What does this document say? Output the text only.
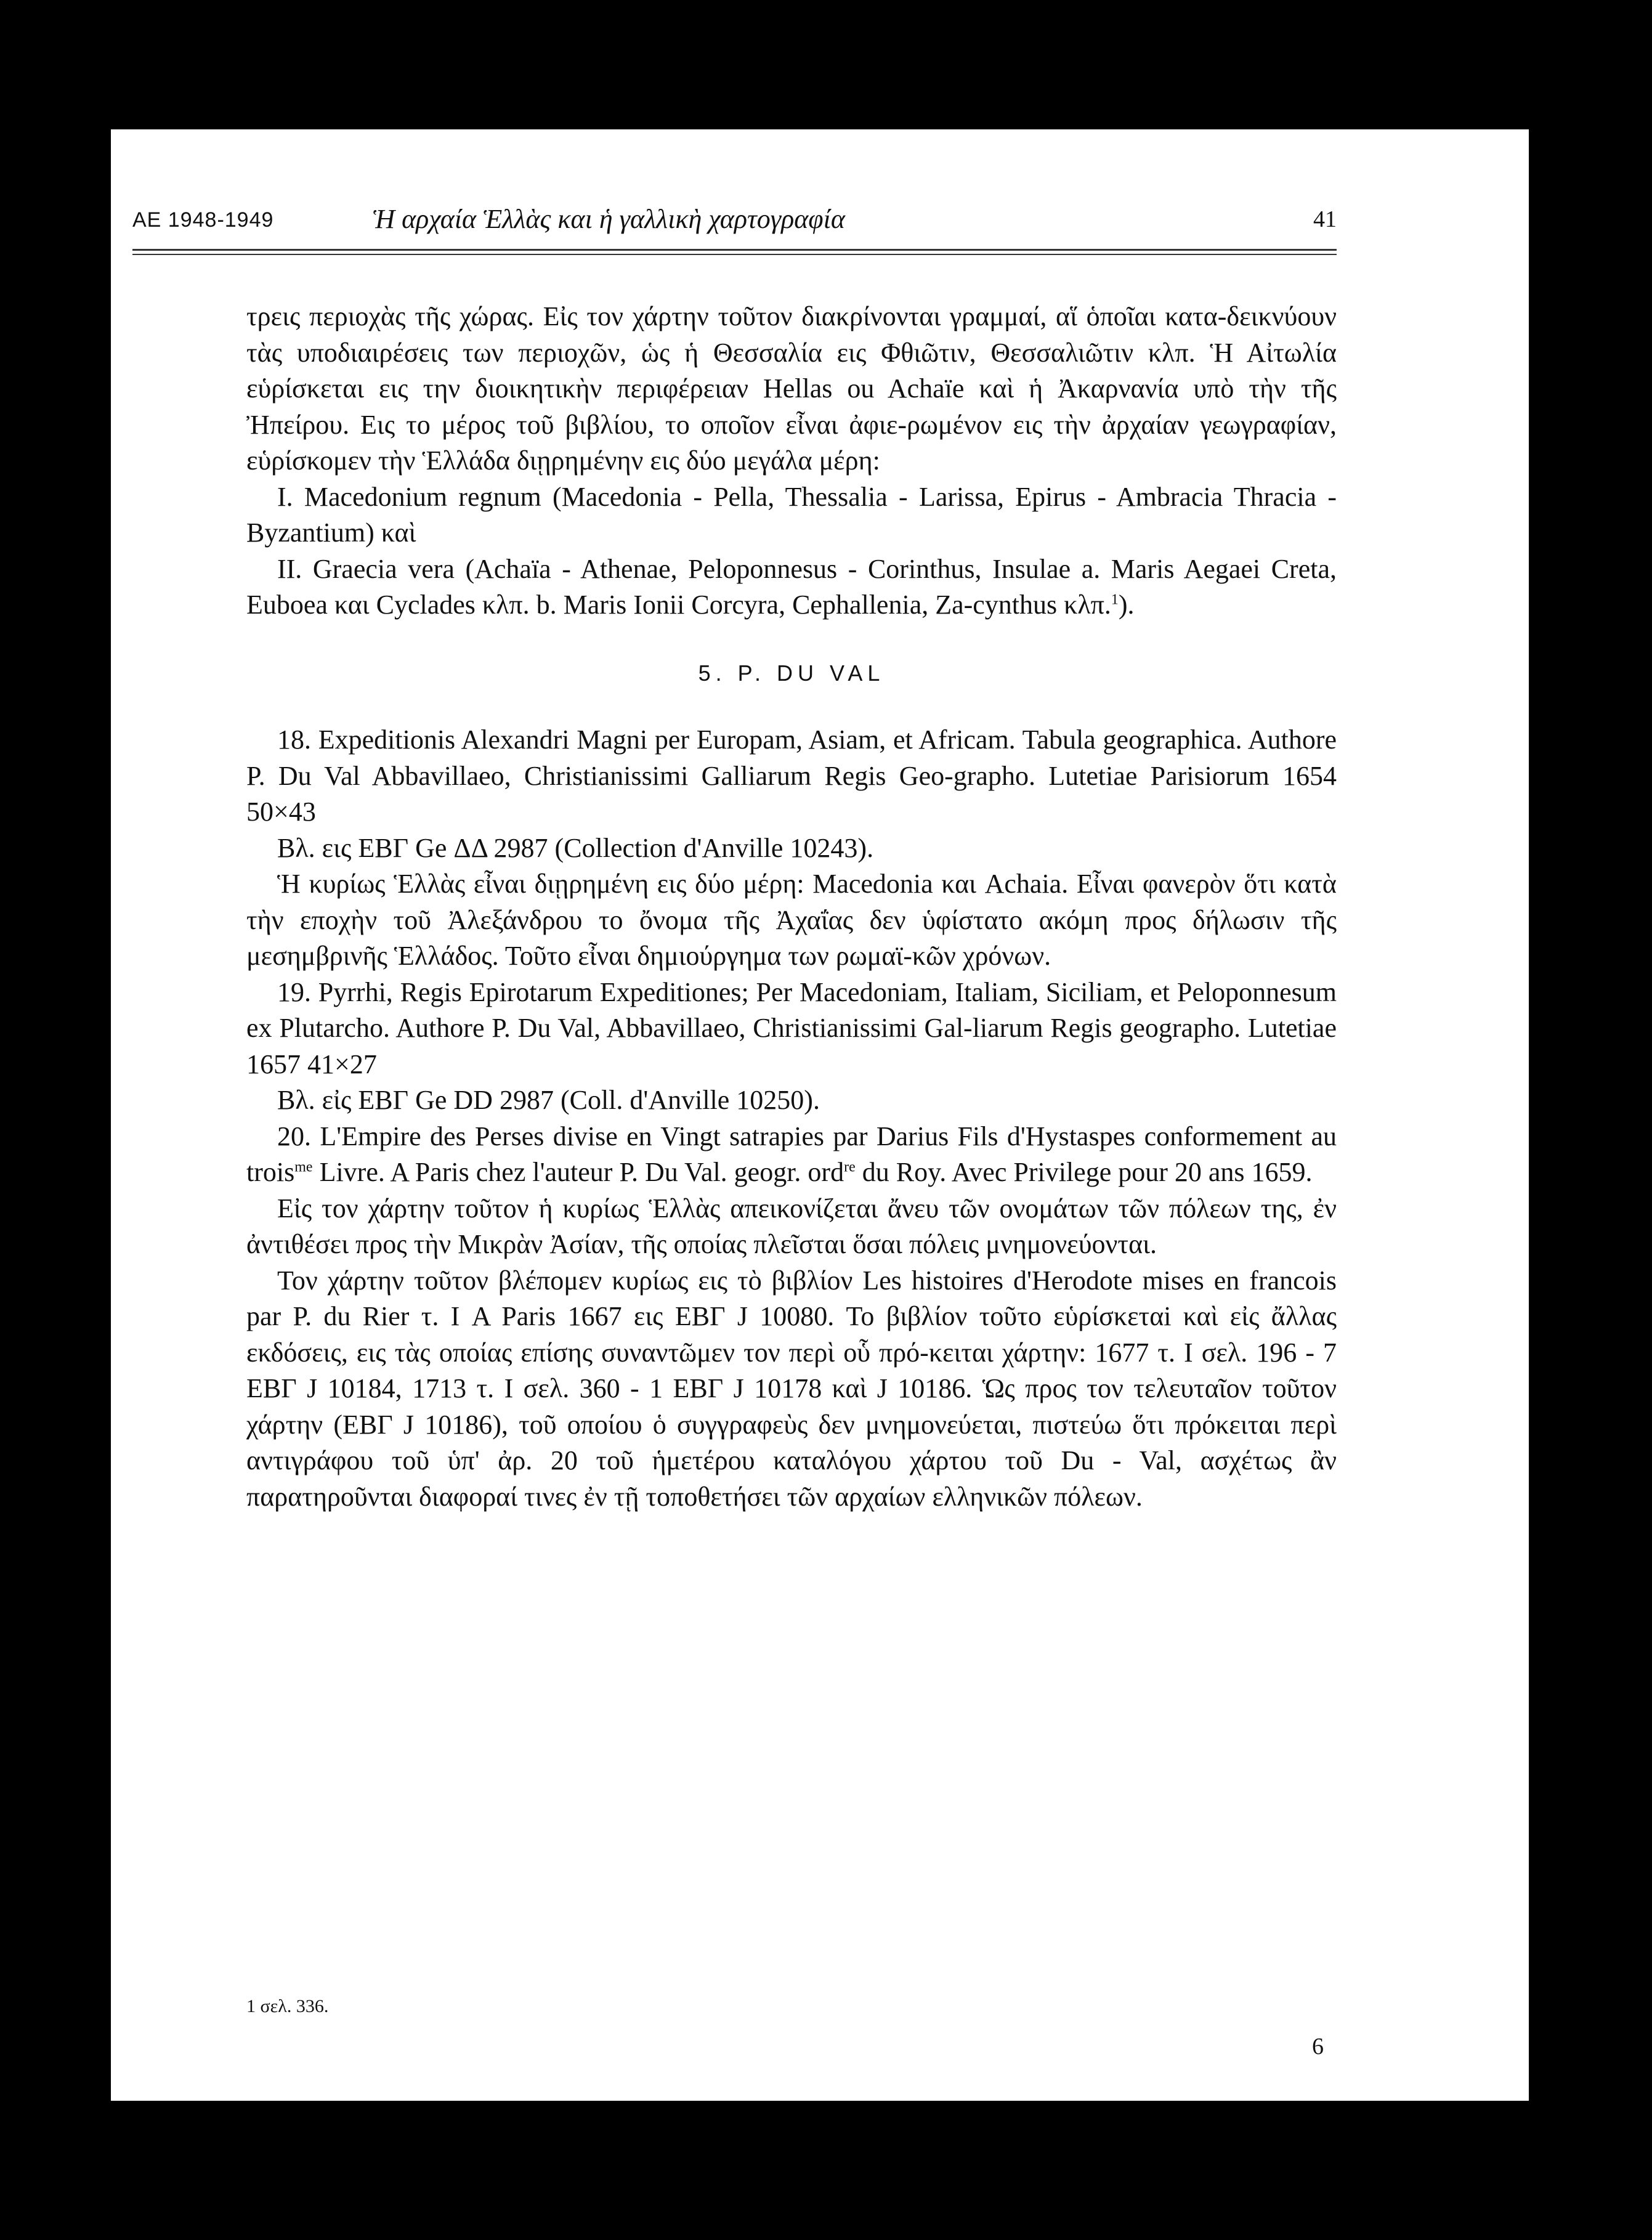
ΑΕ 1948-1949	Ἡ αρχαία Ἑλλὰς και ἡ γαλλικὴ χαρτογραφία	41

τρεις περιοχὰς τῆς χώρας. Εἰς τον χάρτην τοῦτον διακρίνονται γραμμαί, αἵ ὁποῖαι κατα-δεικνύουν τὰς υποδιαιρέσεις των περιοχῶν, ὡς ἡ Θεσσαλία εις Φθιῶτιν, Θεσσαλιῶτιν κλπ. Ἡ Αἰτωλία εὑρίσκεται εις την διοικητικὴν περιφέρειαν Hellas ou Achaïe καὶ ἡ Ἀκαρνανία υπὸ τὴν τῆς Ἠπείρου. Εις το μέρος τοῦ βιβλίου, το οποῖον εἶναι ἀφιε-ρωμένον εις τὴν ἀρχαίαν γεωγραφίαν, εὑρίσκομεν τὴν Ἑλλάδα διῃρημένην εις δύο μεγάλα μέρη:

I. Macedonium regnum (Macedonia - Pella, Thessalia - Larissa, Epirus - Ambracia Thracia - Byzantium) καὶ

II. Graecia vera (Achaïa - Athenae, Peloponnesus - Corinthus, Insulae a. Maris Aegaei Creta, Euboea και Cyclades κλπ. b. Maris Ionii Corcyra, Cephallenia, Za-cynthus κλπ.$^1$).

5. P. DU VAL

18. Expeditionis Alexandri Magni per Europam, Asiam, et Africam. Tabula geographica. Authore P. Du Val Abbavillaeo, Christianissimi Galliarum Regis Geo-grapho. Lutetiae Parisiorum 1654 50×43

Βλ. εις ΕΒΓ Ge ΔΔ 2987 (Collection d'Anville 10243).

Ἡ κυρίως Ἑλλὰς εἶναι διῃρημένη εις δύο μέρη: Macedonia και Achaia. Εἶναι φανερὸν ὅτι κατὰ τὴν εποχὴν τοῦ Ἀλεξάνδρου το ὄνομα τῆς Ἀχαΐας δεν ὑφίστατο ακόμη προς δήλωσιν τῆς μεσημβρινῆς Ἑλλάδος. Τοῦτο εἶναι δημιούργημα των ρωμαϊ-κῶν χρόνων.

19. Pyrrhi, Regis Epirotarum Expeditiones; Per Macedoniam, Italiam, Siciliam, et Peloponnesum ex Plutarcho. Authore P. Du Val, Abbavillaeo, Christianissimi Gal-liarum Regis geographo. Lutetiae 1657 41×27

Βλ. εἰς ΕΒΓ Ge DD 2987 (Coll. d'Anville 10250).

20. L'Empire des Perses divise en Vingt satrapies par Darius Fils d'Hystaspes conformement au trois$^{me}$ Livre. A Paris chez l'auteur P. Du Val. geogr. ord$^{re}$ du Roy. Avec Privilege pour 20 ans 1659.

Εἰς τον χάρτην τοῦτον ἡ κυρίως Ἑλλὰς απεικονίζεται ἄνευ τῶν ονομάτων τῶν πόλεων της, ἐν ἀντιθέσει προς τὴν Μικρὰν Ἀσίαν, τῆς οποίας πλεῖσται ὅσαι πόλεις μνημονεύονται.

Τον χάρτην τοῦτον βλέπομεν κυρίως εις τὸ βιβλίον Les histoires d'Herodote mises en francois par P. du Rier τ. Ι A Paris 1667 εις ΕΒΓ J 10080. Το βιβλίον τοῦτο εὑρίσκεταi καὶ εἰς ἄλλας εκδόσεις, εις τὰς οποίας επίσης συναντῶμεν τον περὶ οὗ πρό-κειται χάρτην: 1677 τ. Ι σελ. 196 - 7 ΕΒΓ J 10184, 1713 τ. Ι σελ. 360 - 1 ΕΒΓ J 10178 καὶ J 10186. Ὡς προς τον τελευταῖον τοῦτον χάρτην (ΕΒΓ J 10186), τοῦ οποίου ὁ συγγραφεὺς δεν μνημονεύεται, πιστεύω ὅτι πρόκειται περὶ αντιγράφου τοῦ ὑπ' ἀρ. 20 τοῦ ἡμετέρου καταλόγου χάρτου τοῦ Du - Val, ασχέτως ἂν παρατηροῦνται διαφοραί τινες ἐν τῇ τοποθετήσει τῶν αρχαίων ελληνικῶν πόλεων.

1 σελ. 336.
6
